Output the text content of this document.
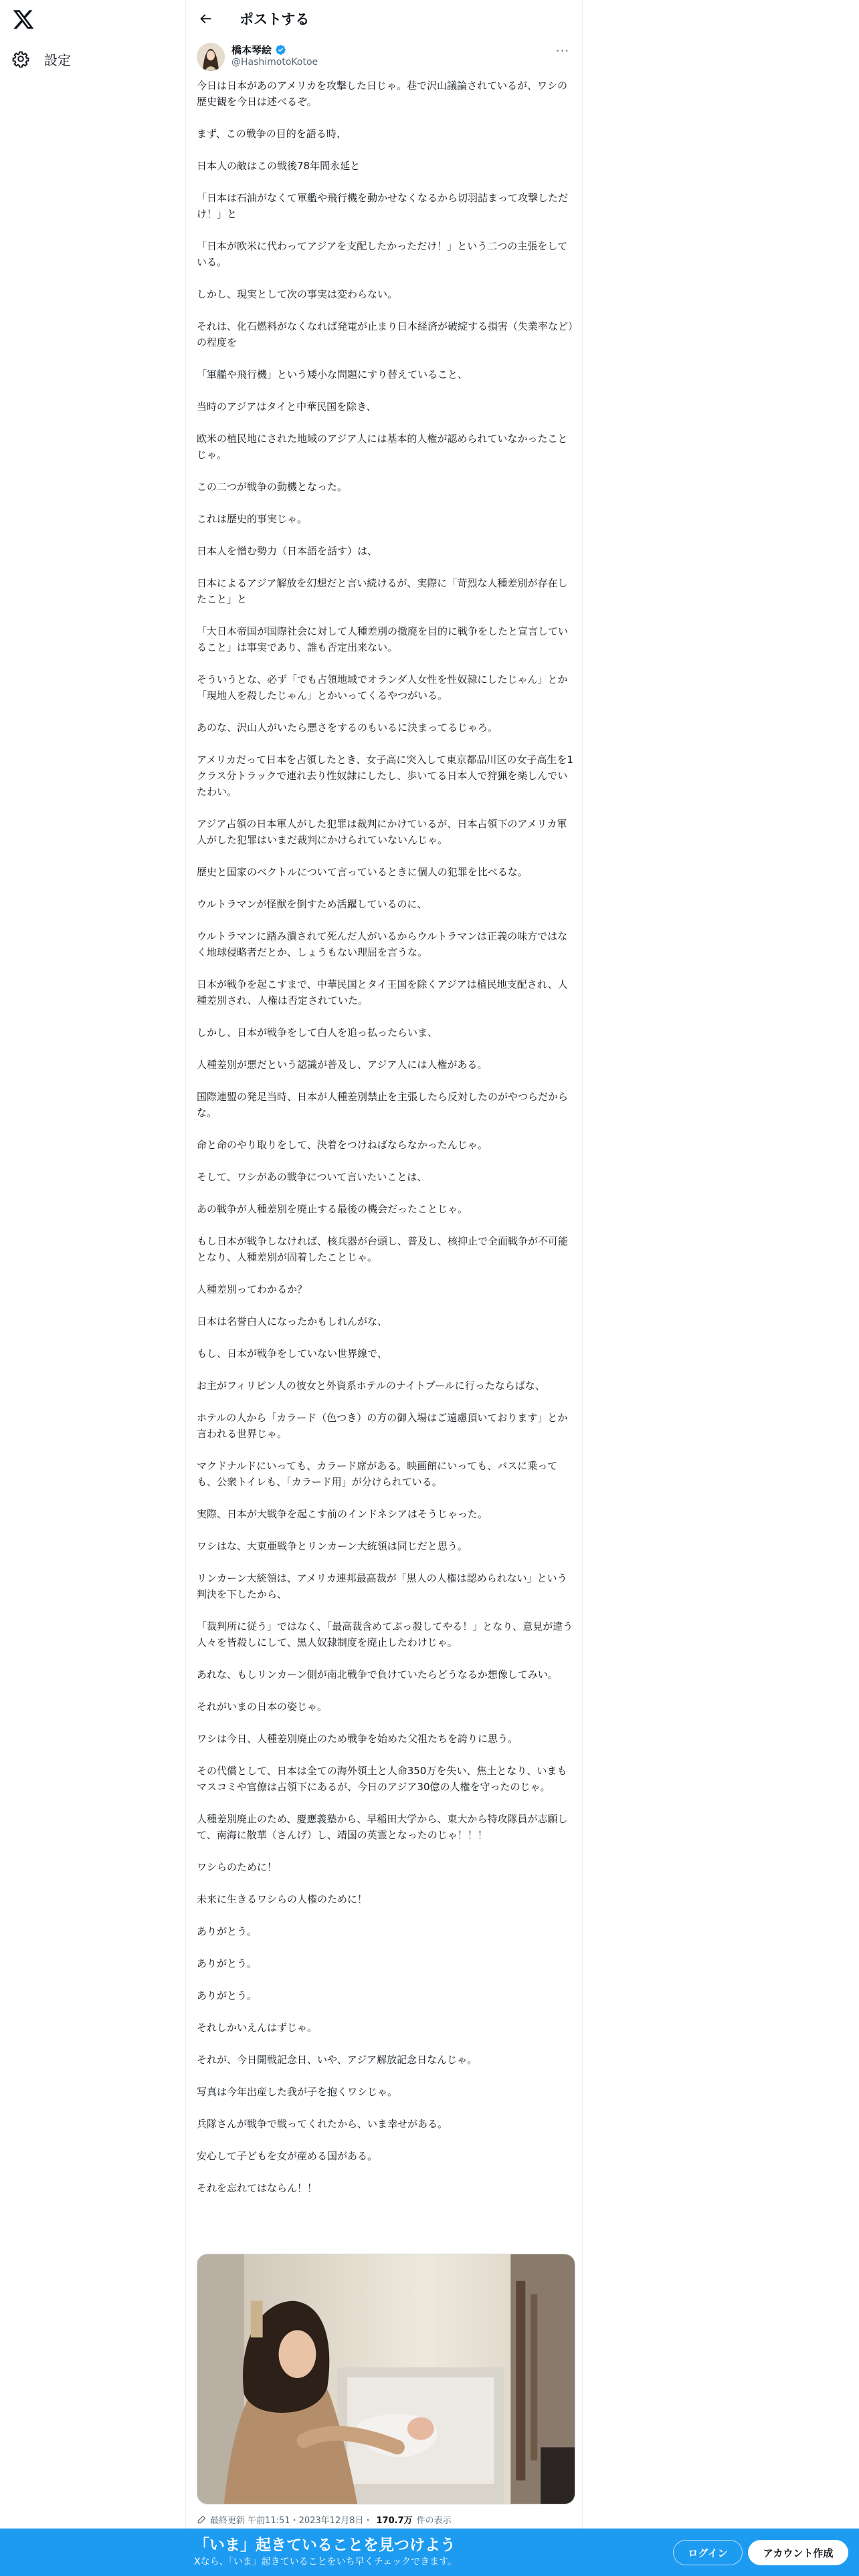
設定
ポストする
橋本琴絵
@HashimotoKotoe
···

今日は日本があのアメリカを攻撃した日じゃ。巷で沢山議論されているが、ワシの歴史観を今日は述べるぞ。

まず、この戦争の目的を語る時、

日本人の敵はこの戦後78年間永延と

「日本は石油がなくて軍艦や飛行機を動かせなくなるから切羽詰まって攻撃しただけ！」と

「日本が欧米に代わってアジアを支配したかっただけ！」という二つの主張をしている。

しかし、現実として次の事実は変わらない。

それは、化石燃料がなくなれば発電が止まり日本経済が破綻する損害（失業率など）の程度を

「軍艦や飛行機」という矮小な問題にすり替えていること、

当時のアジアはタイと中華民国を除き、

欧米の植民地にされた地域のアジア人には基本的人権が認められていなかったことじゃ。

この二つが戦争の動機となった。

これは歴史的事実じゃ。

日本人を憎む勢力（日本語を話す）は、

日本によるアジア解放を幻想だと言い続けるが、実際に「苛烈な人種差別が存在したこと」と

「大日本帝国が国際社会に対して人種差別の撤廃を目的に戦争をしたと宣言していること」は事実であり、誰も否定出来ない。

そういうとな、必ず「でも占領地域でオランダ人女性を性奴隷にしたじゃん」とか「現地人を殺したじゃん」とかいってくるやつがいる。

あのな、沢山人がいたら悪さをするのもいるに決まってるじゃろ。

アメリカだって日本を占領したとき、女子高に突入して東京都品川区の女子高生を1クラス分トラックで連れ去り性奴隷にしたし、歩いてる日本人で狩猟を楽しんでいたわい。

アジア占領の日本軍人がした犯罪は裁判にかけているが、日本占領下のアメリカ軍人がした犯罪はいまだ裁判にかけられていないんじゃ。

歴史と国家のベクトルについて言っているときに個人の犯罪を比べるな。

ウルトラマンが怪獣を倒すため活躍しているのに、

ウルトラマンに踏み潰されて死んだ人がいるからウルトラマンは正義の味方ではなく地球侵略者だとか、しょうもない理屈を言うな。

日本が戦争を起こすまで、中華民国とタイ王国を除くアジアは植民地支配され、人種差別され、人権は否定されていた。

しかし、日本が戦争をして白人を追っ払ったらいま、

人種差別が悪だという認識が普及し、アジア人には人権がある。

国際連盟の発足当時、日本が人種差別禁止を主張したら反対したのがやつらだからな。

命と命のやり取りをして、決着をつけねばならなかったんじゃ。

そして、ワシがあの戦争について言いたいことは、

あの戦争が人種差別を廃止する最後の機会だったことじゃ。

もし日本が戦争しなければ、核兵器が台頭し、普及し、核抑止で全面戦争が不可能となり、人種差別が固着したことじゃ。

人種差別ってわかるか？

日本は名誉白人になったかもしれんがな、

もし、日本が戦争をしていない世界線で、

お主がフィリピン人の彼女と外資系ホテルのナイトプールに行ったならばな、

ホテルの人から「カラード（色つき）の方の御入場はご遠慮頂いております」とか言われる世界じゃ。

マクドナルドにいっても、カラード席がある。映画館にいっても、バスに乗っても、公衆トイレも、「カラード用」が分けられている。

実際、日本が大戦争を起こす前のインドネシアはそうじゃった。

ワシはな、大東亜戦争とリンカーン大統領は同じだと思う。

リンカーン大統領は、アメリカ連邦最高裁が「黒人の人権は認められない」という判決を下したから、

「裁判所に従う」ではなく、「最高裁含めてぶっ殺してやる！」となり、意見が違う人々を皆殺しにして、黒人奴隷制度を廃止したわけじゃ。

あれな、もしリンカーン側が南北戦争で負けていたらどうなるか想像してみい。

それがいまの日本の姿じゃ。

ワシは今日、人種差別廃止のため戦争を始めた父祖たちを誇りに思う。

その代償として、日本は全ての海外領土と人命350万を失い、焦土となり、いまもマスコミや官僚は占領下にあるが、今日のアジア30億の人権を守ったのじゃ。

人種差別廃止のため、慶應義塾から、早稲田大学から、東大から特攻隊員が志願して、南海に散華（さんげ）し、靖国の英霊となったのじゃ！！！

ワシらのために！

未来に生きるワシらの人権のために！

ありがとう。

ありがとう。

ありがとう。

それしかいえんはずじゃ。

それが、今日開戦記念日、いや、アジア解放記念日なんじゃ。

写真は今年出産した我が子を抱くワシじゃ。

兵隊さんが戦争で戦ってくれたから、いま幸せがある。

安心して子どもを女が産める国がある。

それを忘れてはならん！！

最終更新 午前11:51・2023年12月8日・ 170.7万 件の表示
「いま」起きていることを見つけよう
Xなら、「いま」起きていることをいち早くチェックできます。
ログイン	アカウント作成
